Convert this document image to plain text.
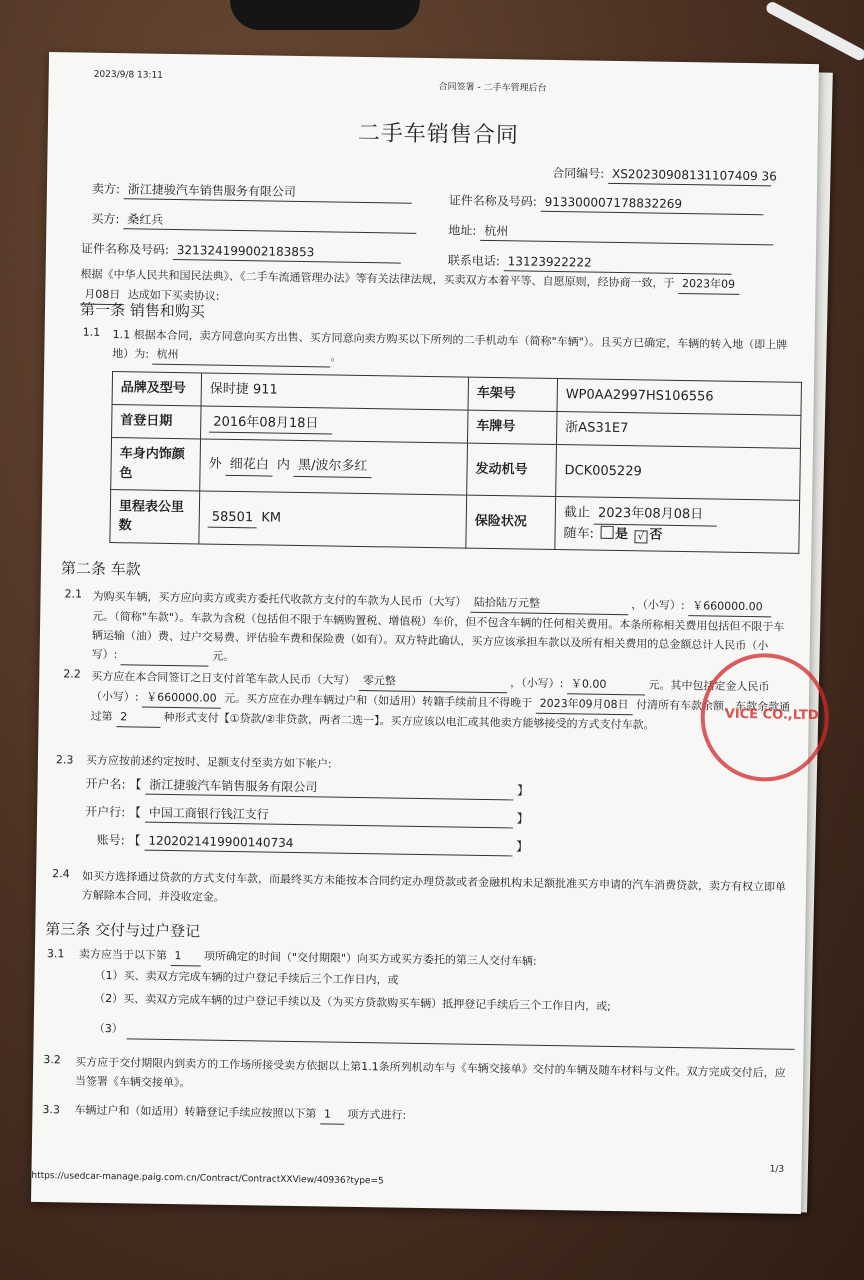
2023/9/8 13:11
合同签署 - 二手车管理后台
二手车销售合同
合同编号: XS20230908131107409 36
卖方: 浙江捷骏汽车销售服务有限公司
证件名称及号码: 913300007178832269
买方: 桑红兵
地址: 杭州
证件名称及号码: 321324199002183853
联系电话: 13123922222
根据《中华人民共和国民法典》、《二手车流通管理办法》等有关法律法规，买卖双方本着平等、自愿原则，经协商一致，于 2023年09 月08日 达成如下买卖协议:
第一条 销售和购买
1.1 1.1 根据本合同，卖方同意向买方出售、买方同意向卖方购买以下所列的二手机动车（简称"车辆"）。且买方已确定，车辆的转入地（即上牌地）为: 杭州	。
品牌及型号	保时捷 911	车架号	WP0AA2997HS106556
首登日期	2016年08月18日	车牌号	浙AS31E7
车身内饰颜色	外 细花白 内 黑/波尔多红	发动机号	DCK005229
里程表公里数	58501 KM	保险状况	截止 2023年08月08日
随车: 是 √ 否
第二条 车款
2.1 为购买车辆，买方应向卖方或卖方委托代收款方支付的车款为人民币（大写） 陆拾陆万元整	，（小写）: ￥660000.00 元。（简称"车款"）。车款为含税（包括但不限于车辆购置税、增值税）车价，但不包含车辆的任何相关费用。本条所称相关费用包括但不限于车辆运输（油）费、过户交易费、评估验车费和保险费（如有）。双方特此确认，买方应该承担车款以及所有相关费用的总金额总计人民币（小写）:	元。
2.2 买方应在本合同签订之日支付首笔车款人民币（大写） 零元整	，（小写）: ￥0.00	元。其中包括定金人民币（小写）: ￥660000.00 元。买方应在办理车辆过户和（如适用）转籍手续前且不得晚于 2023年09月08日 付清所有车款余额，车款余款通过第 2	种形式支付【①贷款/②非贷款，两者二选一】。买方应该以电汇或其他卖方能够接受的方式支付车款。
2.3 买方应按前述约定按时、足额支付至卖方如下帐户:
开户名: 【 浙江捷骏汽车销售服务有限公司	】
开户行: 【 中国工商银行钱江支行	】
账号: 【 1202021419900140734	】
2.4 如买方选择通过贷款的方式支付车款，而最终买方未能按本合同约定办理贷款或者金融机构未足额批准买方申请的汽车消费贷款，卖方有权立即单方解除本合同，并没收定金。
第三条 交付与过户登记
3.1 卖方应当于以下第 1 项所确定的时间（"交付期限"）向买方或买方委托的第三人交付车辆:
（1）买、卖双方完成车辆的过户登记手续后三个工作日内，或
（2）买、卖双方完成车辆的过户登记手续以及（为买方贷款购买车辆）抵押登记手续后三个工作日内，或;
（3）
3.2 买方应于交付期限内到卖方的工作场所接受卖方依据以上第1.1条所列机动车与《车辆交接单》交付的车辆及随车材料与文件。双方完成交付后，应当签署《车辆交接单》。
3.3 车辆过户和（如适用）转籍登记手续应按照以下第 1 项方式进行:
1/3
https://usedcar-manage.paig.com.cn/Contract/ContractXXView/40936?type=5
VICE CO.,LTD
